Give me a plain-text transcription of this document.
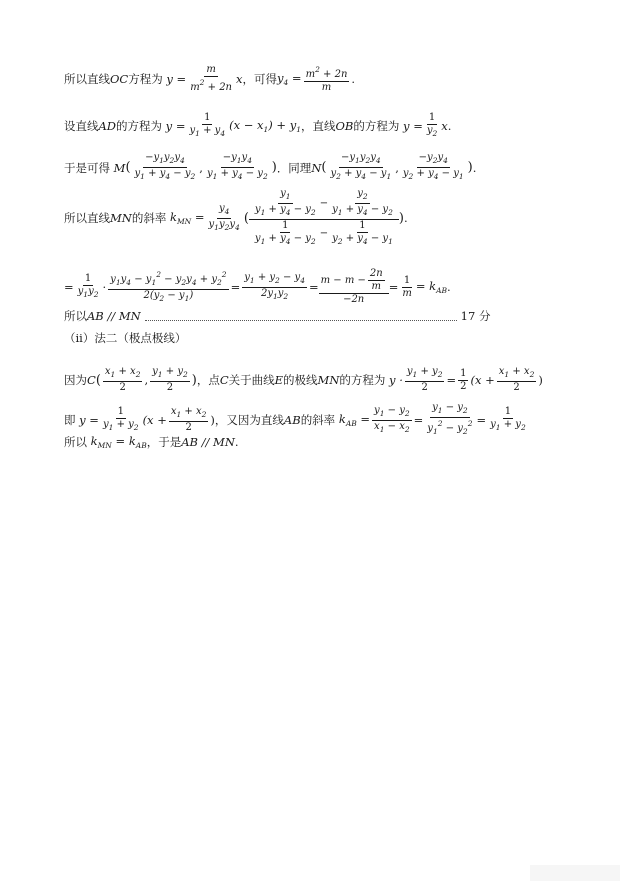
所以直线 OC 方程为 $y = \frac{m}{m^2 + 2n}$ x ，可得 $y_4 = \frac{m^2 + 2n}{m}$ .
设直线 AD 的方程为 $y = \frac{1}{y_1 + y_4} (x - x_1) + y_1$ ，直线 OB 的方程为 $y = \frac{1}{y_2}$ x .
于是可得 M ( $\frac{-y_1y_2y_4}{y_1 + y_4 - y_2}$ , $\frac{-y_1y_4}{y_1 + y_4 - y_2}$ ) ．同理 N ( $\frac{-y_1y_2y_4}{y_2 + y_4 - y_1}$ , $\frac{-y_2y_4}{y_2 + y_4 - y_1}$ ) .
所以直线 MN 的斜率 $k_{MN} = \frac{y_4}{y_1y_2y_4}$ ( $\frac{\frac{y_1}{y_1 + y_4 - y_2} - \frac{y_2}{y_1 + y_4 - y_2}}{\frac{1}{y_1 + y_4 - y_2} - \frac{1}{y_2 + y_4 - y_1}}$ ) .
= $\frac{1}{y_1y_2} \cdot \frac{y_1y_4 - y_1^2 - y_2y_4 + y_2^2}{2(y_2 - y_1)} = \frac{y_1 + y_2 - y_4}{2y_1y_2} = \frac{m - m - \frac{2n}{m}}{-2n} = \frac{1}{m} = k_{AB}$ .
所以 AB // MN	17 分
（ii）法二（极点极线）
因为 C ( $\frac{x_1 + x_2}{2}$ , $\frac{y_1 + y_2}{2}$ ) ，点 C 关于曲线 E 的极线 MN 的方程为 $y \cdot \frac{y_1 + y_2}{2} = \frac{1}{2} (x + \frac{x_1 + x_2}{2}$ )
即 $y = \frac{1}{y_1 + y_2} (x + \frac{x_1 + x_2}{2}$ ) ，又因为直线 AB 的斜率 $k_{AB} = \frac{y_1 - y_2}{x_1 - x_2} = \frac{y_1 - y_2}{y_1^2 - y_2^2} = \frac{1}{y_1 + y_2}$
所以 $k_{MN} = k_{AB}$ ，于是 AB // MN .
